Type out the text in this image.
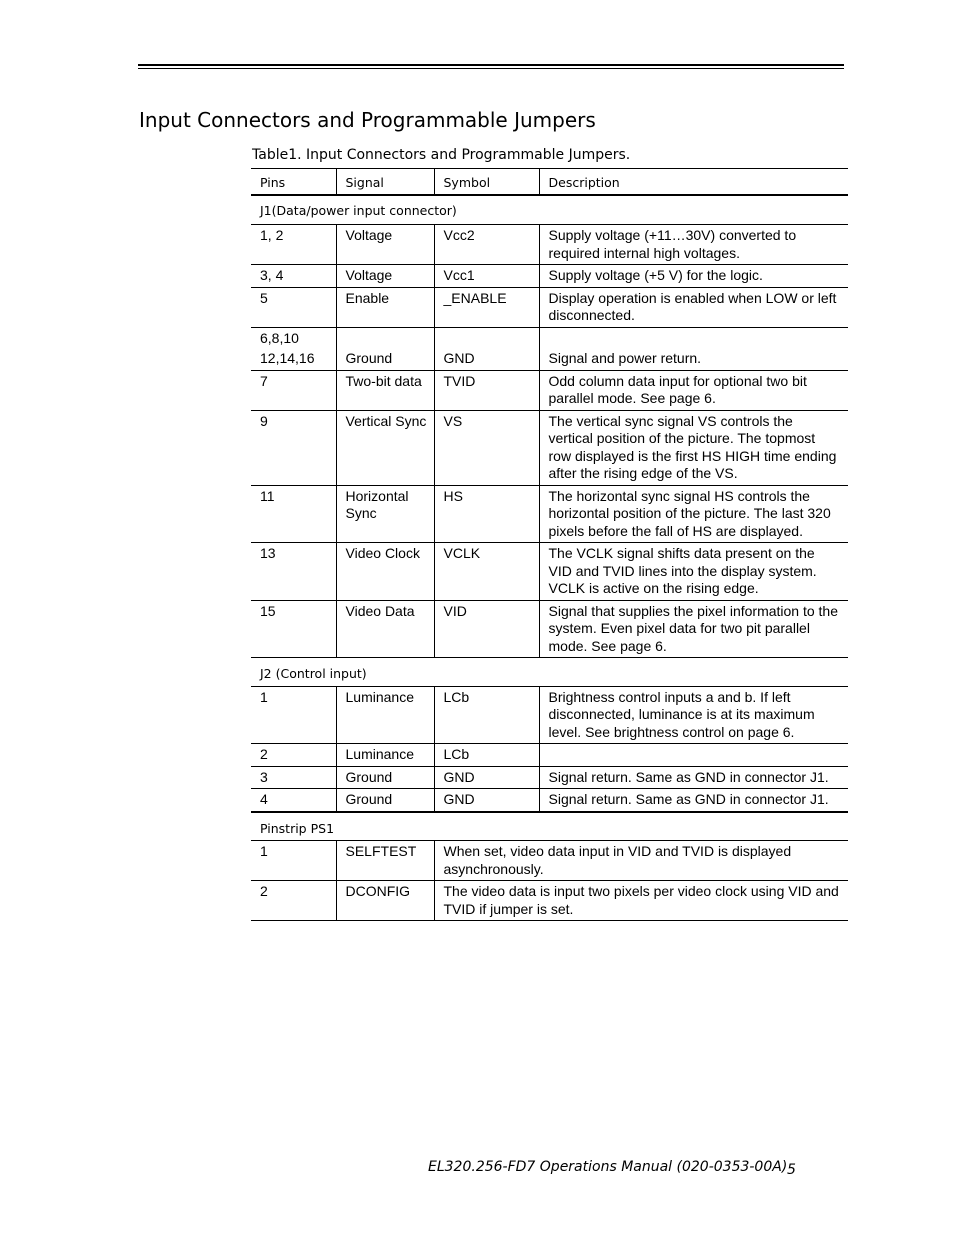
Input Connectors and Programmable Jumpers

Table1. Input Connectors and Programmable Jumpers.

Pins	Signal	Symbol	Description
J1(Data/power input connector)			
1, 2	Voltage	Vcc2	Supply voltage (+11…30V) converted to required internal high voltages.
3, 4	Voltage	Vcc1	Supply voltage (+5 V) for the logic.
5	Enable	_ENABLE	Display operation is enabled when LOW or left disconnected.
6,8,10
12,14,16	Ground	GND	Signal and power return.
7	Two-bit data	TVID	Odd column data input for optional two bit parallel mode. See page 6.
9	Vertical Sync	VS	The vertical sync signal VS controls the vertical position of the picture. The topmost row displayed is the first HS HIGH time ending after the rising edge of the VS.
11	Horizontal Sync	HS	The horizontal sync signal HS controls the horizontal position of the picture. The last 320 pixels before the fall of HS are displayed.
13	Video Clock	VCLK	The VCLK signal shifts data present on the VID and TVID lines into the display system. VCLK is active on the rising edge.
15	Video Data	VID	Signal that supplies the pixel information to the system. Even pixel data for two pit parallel mode. See page 6.
J2 (Control input)			
1	Luminance	LCb	Brightness control inputs a and b. If left disconnected, luminance is at its maximum level. See brightness control on page 6.
2	Luminance	LCb	
3	Ground	GND	Signal return. Same as GND in connector J1.
4	Ground	GND	Signal return. Same as GND in connector J1.
Pinstrip PS1			
1	SELFTEST	When set, video data input in VID and TVID is displayed asynchronously.	
2	DCONFIG	The video data is input two pixels per video clock using VID and TVID if jumper is set.	
EL320.256-FD7 Operations Manual (020-0353-00A) 5
